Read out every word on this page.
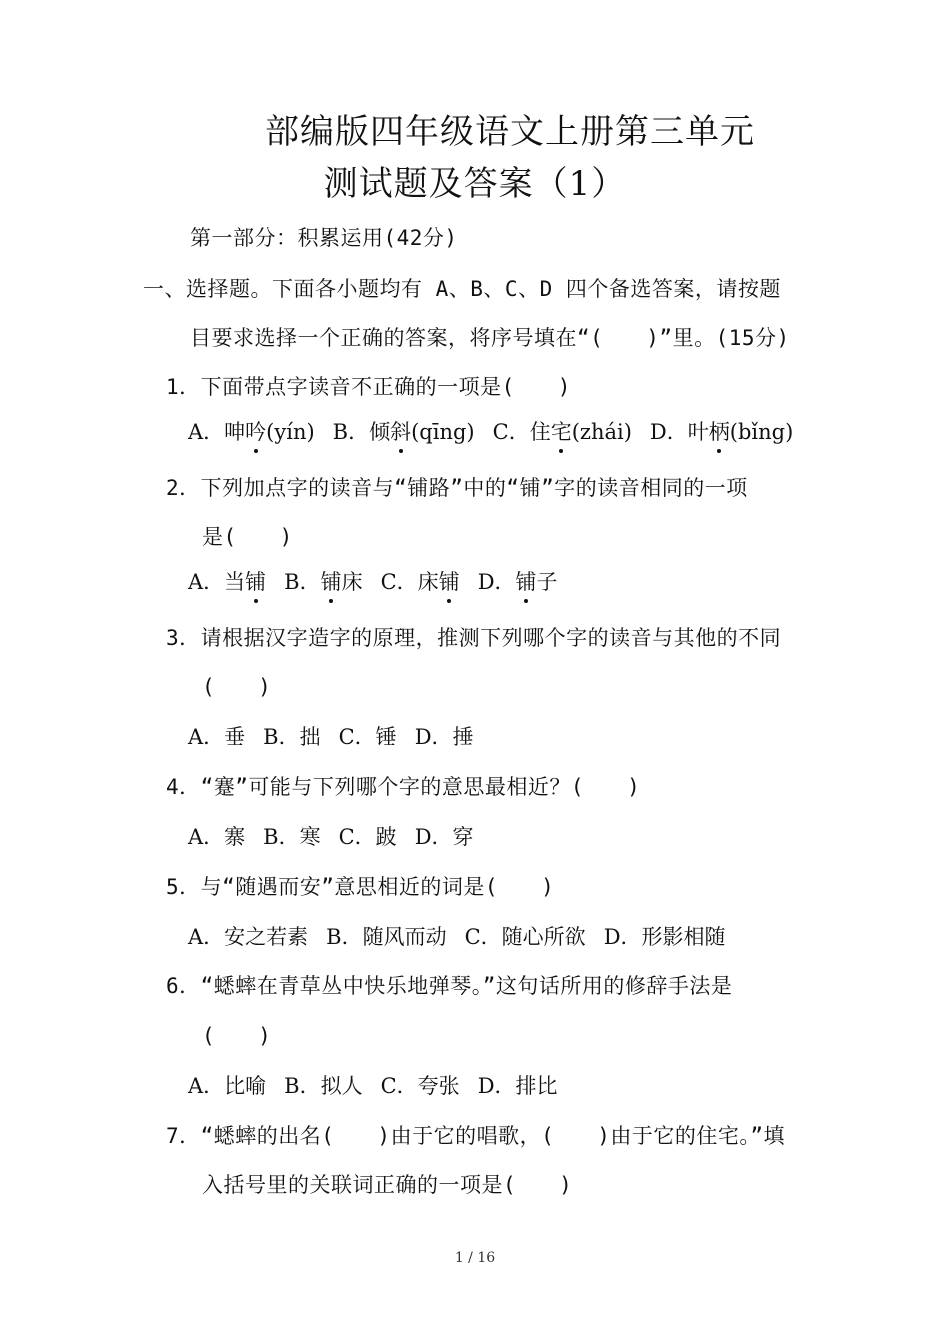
部编版四年级语文上册第三单元
测试题及答案（1）
第一部分：积累运用(42分)
一、选择题。下面各小题均有 A、B、C、D 四个备选答案，请按题
目要求选择一个正确的答案，将序号填在“(　　)”里。(15分)
1．下面带点字读音不正确的一项是(　　)
A．呻吟(yín) B．倾斜(qīng) C．住宅(zhái) D．叶柄(bǐng)
2．下列加点字的读音与“铺路”中的“铺”字的读音相同的一项
是(　　)
A．当铺 B．铺床 C．床铺 D．铺子
3．请根据汉字造字的原理，推测下列哪个字的读音与其他的不同
(　　)
A．垂 B．拙 C．锤 D．捶
4．“蹇”可能与下列哪个字的意思最相近？(　　)
A．寨 B．寒 C．跛 D．穿
5．与“随遇而安”意思相近的词是(　　)
A．安之若素 B．随风而动 C．随心所欲 D．形影相随
6．“蟋蟀在青草丛中快乐地弹琴。”这句话所用的修辞手法是
(　　)
A．比喻 B．拟人 C．夸张 D．排比
7．“蟋蟀的出名(　　)由于它的唱歌，(　　)由于它的住宅。”填
入括号里的关联词正确的一项是(　　)
1 / 16
